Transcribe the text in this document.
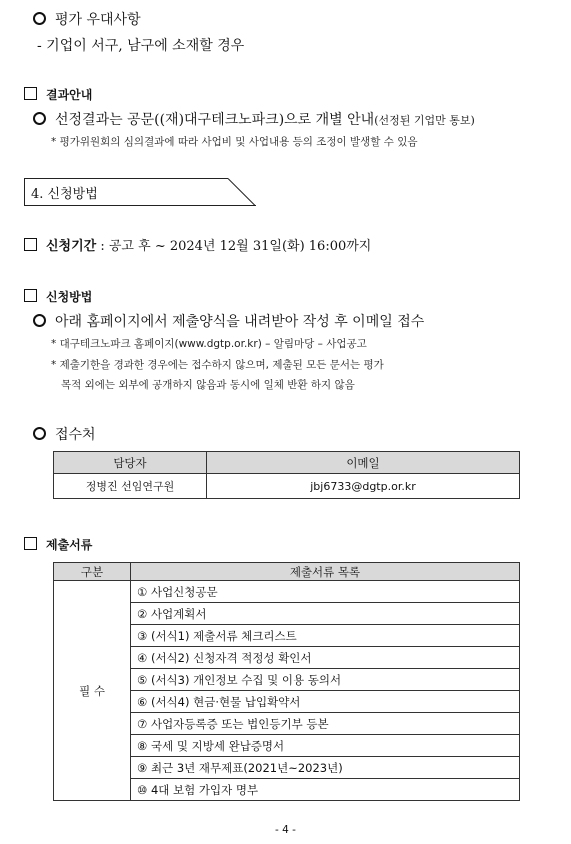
평가 우대사항
- 기업이 서구, 남구에 소재할 경우
결과안내
선정결과는 공문((재)대구테크노파크)으로 개별 안내(선정된 기업만 통보)
* 평가위원회의 심의결과에 따라 사업비 및 사업내용 등의 조정이 발생할 수 있음
4. 신청방법
신청기간 : 공고 후 ~ 2024년 12월 31일(화) 16:00까지
신청방법
아래 홈페이지에서 제출양식을 내려받아 작성 후 이메일 접수
* 대구테크노파크 홈페이지(www.dgtp.or.kr) – 알림마당 – 사업공고
* 제출기한을 경과한 경우에는 접수하지 않으며, 제출된 모든 문서는 평가
목적 외에는 외부에 공개하지 않음과 동시에 일체 반환 하지 않음
접수처
담당자	이메일
정병진 선임연구원	jbj6733@dgtp.or.kr
제출서류
구분	제출서류 목록
필 수	① 사업신청공문
	② 사업계획서
	③ (서식1) 제출서류 체크리스트
	④ (서식2) 신청자격 적정성 확인서
	⑤ (서식3) 개인정보 수집 및 이용 동의서
	⑥ (서식4) 현금·현물 납입확약서
	⑦ 사업자등록증 또는 법인등기부 등본
	⑧ 국세 및 지방세 완납증명서
	⑨ 최근 3년 재무제표(2021년~2023년)
	⑩ 4대 보험 가입자 명부
- 4 -
